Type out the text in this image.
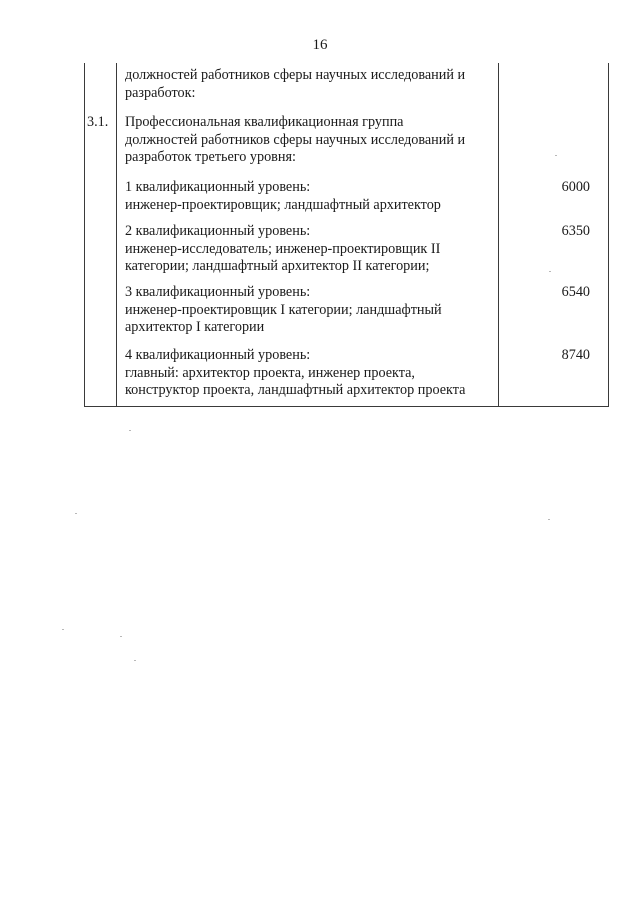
16
должностей работников сферы научных исследований и
разработок:
3.1. Профессиональная квалификационная группа
должностей работников сферы научных исследований и
разработок третьего уровня:
1 квалификационный уровень:
инженер-проектировщик; ландшафтный архитектор
6000
2 квалификационный уровень:
инженер-исследователь; инженер-проектировщик II
категории; ландшафтный архитектор II категории;
6350
3 квалификационный уровень:
инженер-проектировщик I категории; ландшафтный
архитектор I категории
6540
4 квалификационный уровень:
главный: архитектор проекта, инженер проекта,
конструктор проекта, ландшафтный архитектор проекта
8740
